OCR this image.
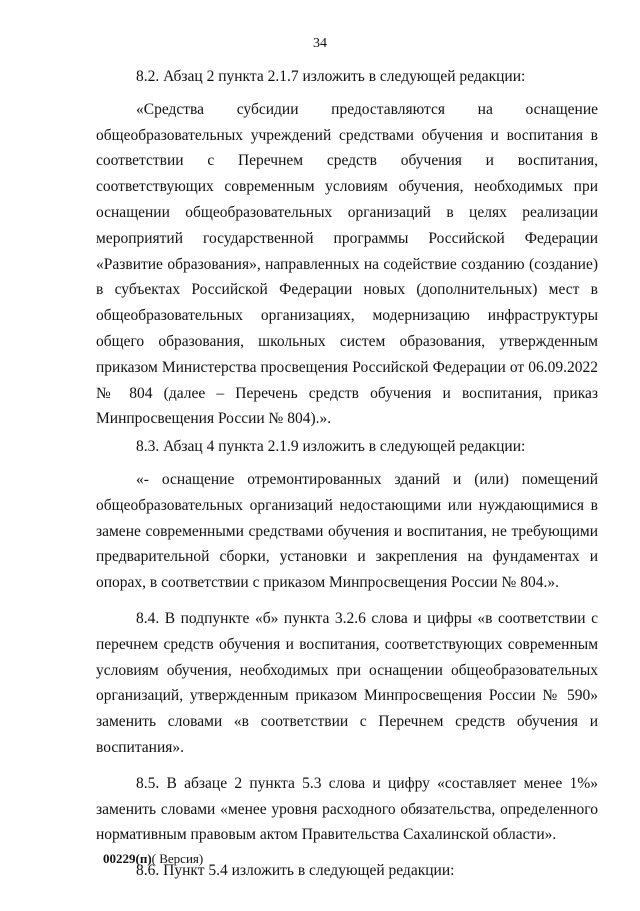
34

8.2. Абзац 2 пункта 2.1.7 изложить в следующей редакции:

«Средства субсидии предоставляются на оснащение общеобразовательных учреждений средствами обучения и воспитания в соответствии с Перечнем средств обучения и воспитания, соответствующих современным условиям обучения, необходимых при оснащении общеобразовательных организаций в целях реализации мероприятий государственной программы Российской Федерации «Развитие образования», направленных на содействие созданию (создание) в субъектах Российской Федерации новых (дополнительных) мест в общеобразовательных организациях, модернизацию инфраструктуры общего образования, школьных систем образования, утвержденным приказом Министерства просвещения Российской Федерации от 06.09.2022 № 804 (далее – Перечень средств обучения и воспитания, приказ Минпросвещения России № 804).».

8.3. Абзац 4 пункта 2.1.9 изложить в следующей редакции:

«- оснащение отремонтированных зданий и (или) помещений общеобразовательных организаций недостающими или нуждающимися в замене современными средствами обучения и воспитания, не требующими предварительной сборки, установки и закрепления на фундаментах и опорах, в соответствии с приказом Минпросвещения России № 804.».

8.4. В подпункте «б» пункта 3.2.6 слова и цифры «в соответствии с перечнем средств обучения и воспитания, соответствующих современным условиям обучения, необходимых при оснащении общеобразовательных организаций, утвержденным приказом Минпросвещения России № 590» заменить словами «в соответствии с Перечнем средств обучения и воспитания».

8.5. В абзаце 2 пункта 5.3 слова и цифру «составляет менее 1%» заменить словами «менее уровня расходного обязательства, определенного нормативным правовым актом Правительства Сахалинской области».

8.6. Пункт 5.4 изложить в следующей редакции:

00229(п)( Версия)
